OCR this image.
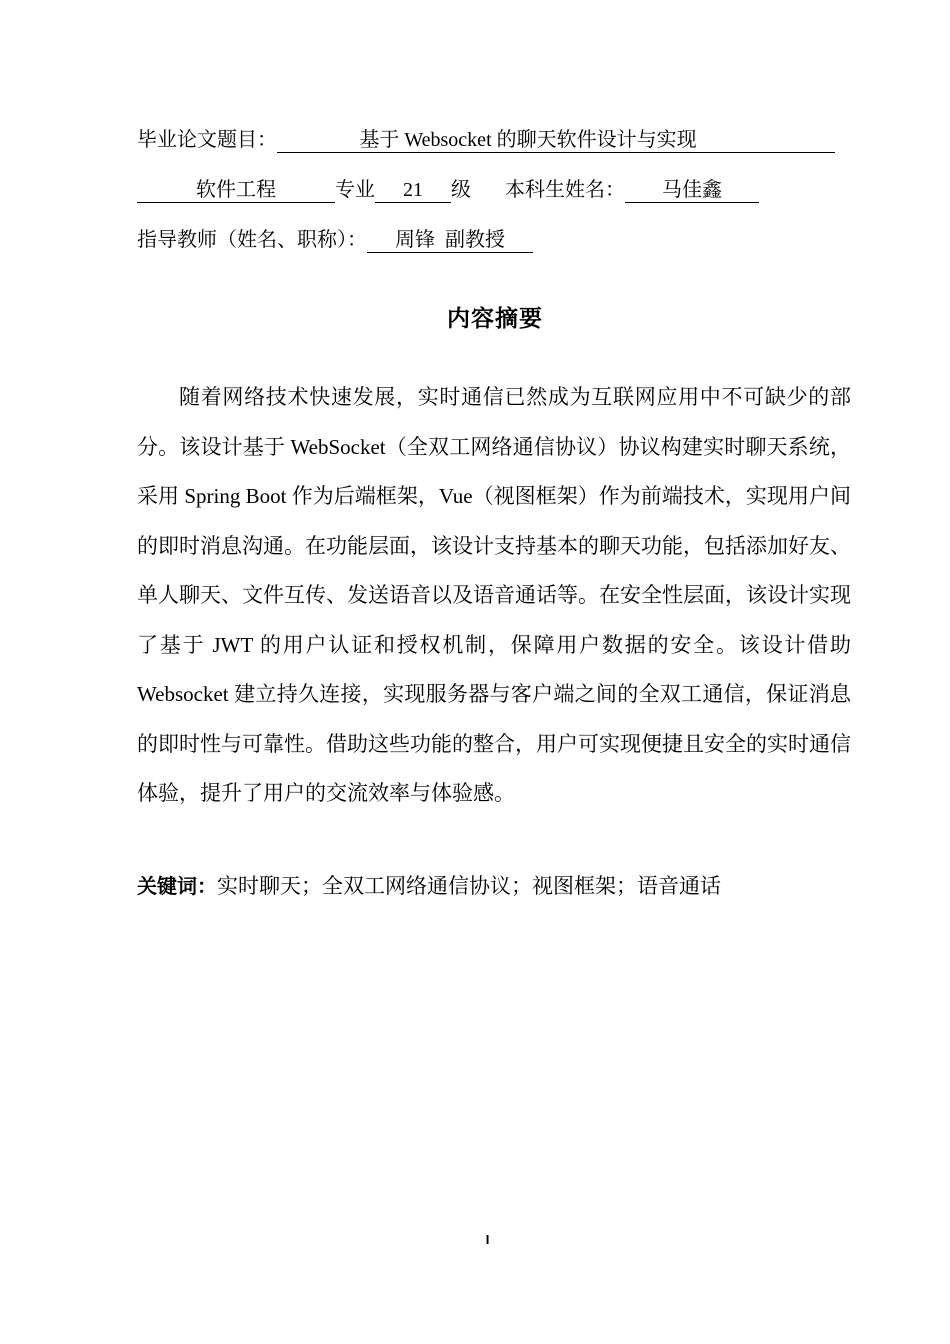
毕业论文题目：	基于 Websocket 的聊天软件设计与实现
软件工程	专业 21 级 本科生姓名： 马佳鑫
指导教师（姓名、职称）： 周锋  副教授
内容摘要

随着网络技术快速发展，实时通信已然成为互联网应用中不可缺少的部分。该设计基于 WebSocket（全双工网络通信协议）协议构建实时聊天系统，采用 Spring Boot 作为后端框架，Vue（视图框架）作为前端技术，实现用户间的即时消息沟通。在功能层面，该设计支持基本的聊天功能，包括添加好友、单人聊天、文件互传、发送语音以及语音通话等。在安全性层面，该设计实现了基于 JWT 的用户认证和授权机制，保障用户数据的安全。该设计借助 Websocket 建立持久连接，实现服务器与客户端之间的全双工通信，保证消息的即时性与可靠性。借助这些功能的整合，用户可实现便捷且安全的实时通信体验，提升了用户的交流效率与体验感。

关键词：实时聊天；全双工网络通信协议；视图框架；语音通话
I
